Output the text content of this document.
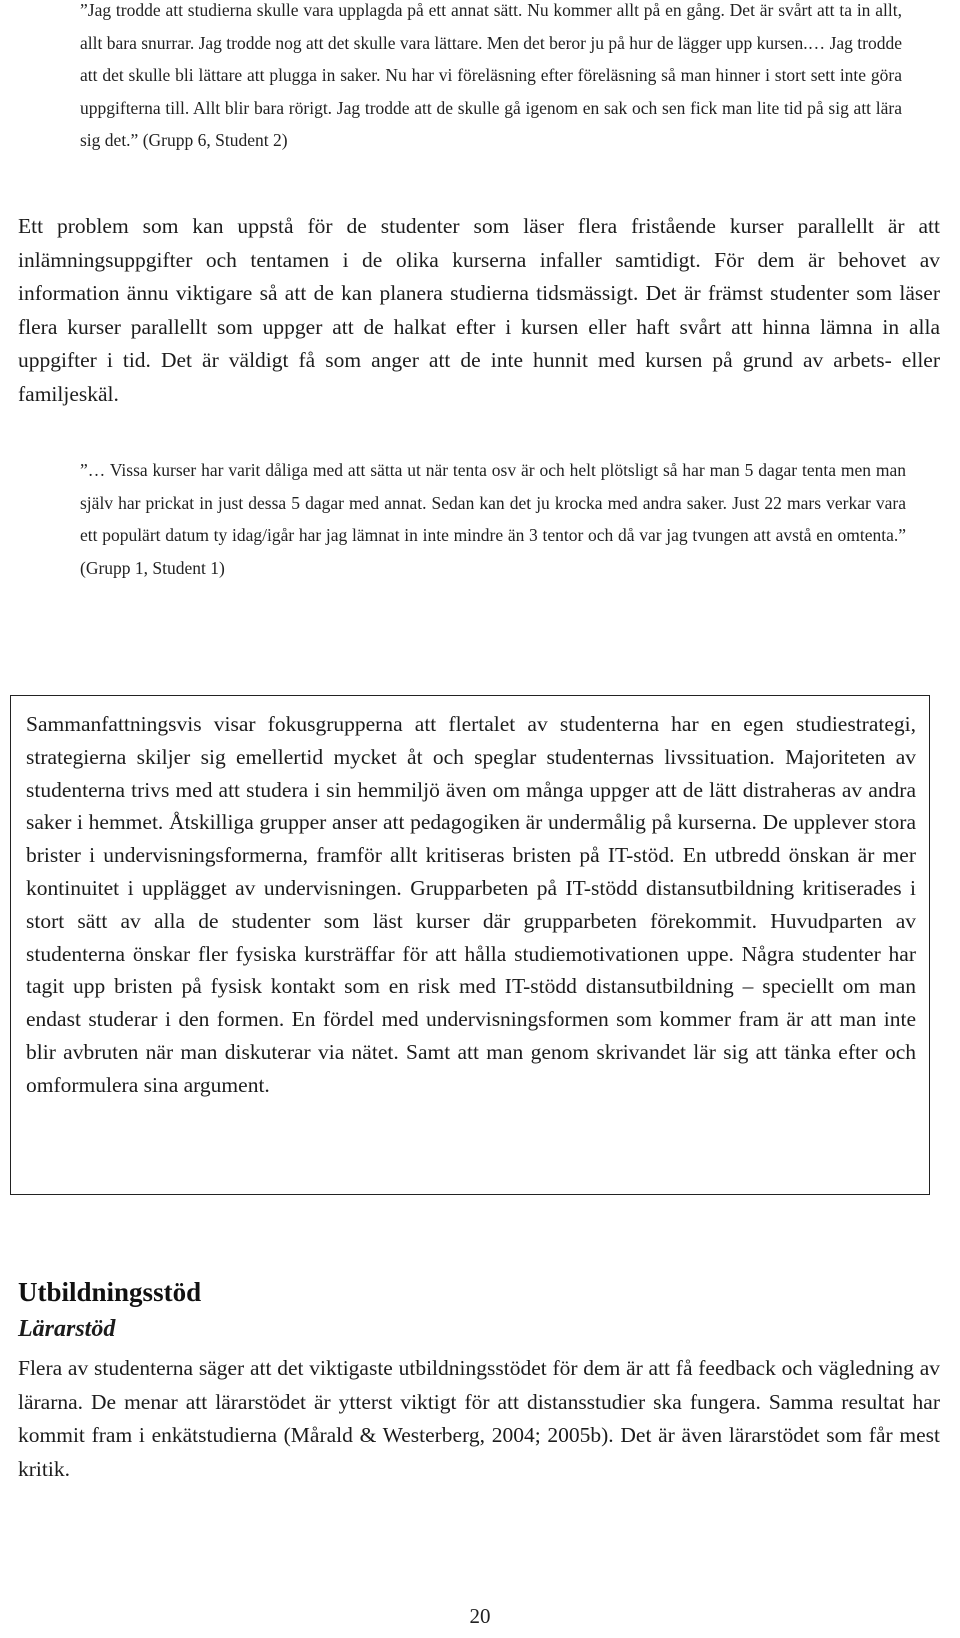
”Jag trodde att studierna skulle vara upplagda på ett annat sätt. Nu kommer allt på en gång. Det är svårt att ta in allt, allt bara snurrar. Jag trodde nog att det skulle vara lättare. Men det beror ju på hur de lägger upp kursen.… Jag trodde att det skulle bli lättare att plugga in saker. Nu har vi föreläsning efter föreläsning så man hinner i stort sett inte göra uppgifterna till. Allt blir bara rörigt. Jag trodde att de skulle gå igenom en sak och sen fick man lite tid på sig att lära sig det.” (Grupp 6, Student 2)

Ett problem som kan uppstå för de studenter som läser flera fristående kurser parallellt är att inlämningsuppgifter och tentamen i de olika kurserna infaller samtidigt. För dem är behovet av information ännu viktigare så att de kan planera studierna tidsmässigt. Det är främst studenter som läser flera kurser parallellt som uppger att de halkat efter i kursen eller haft svårt att hinna lämna in alla uppgifter i tid. Det är väldigt få som anger att de inte hunnit med kursen på grund av arbets- eller familjeskäl.

”… Vissa kurser har varit dåliga med att sätta ut när tenta osv är och helt plötsligt så har man 5 dagar tenta men man själv har prickat in just dessa 5 dagar med annat. Sedan kan det ju krocka med andra saker. Just 22 mars verkar vara ett populärt datum ty idag/igår har jag lämnat in inte mindre än 3 tentor och då var jag tvungen att avstå en omtenta.” (Grupp 1, Student 1)

Sammanfattningsvis visar fokusgrupperna att flertalet av studenterna har en egen studiestrategi, strategierna skiljer sig emellertid mycket åt och speglar studenternas livssituation. Majoriteten av studenterna trivs med att studera i sin hemmiljö även om många uppger att de lätt distraheras av andra saker i hemmet. Åtskilliga grupper anser att pedagogiken är undermålig på kurserna. De upplever stora brister i undervisningsformerna, framför allt kritiseras bristen på IT-stöd. En utbredd önskan är mer kontinuitet i upplägget av undervisningen. Grupparbeten på IT-stödd distansutbildning kritiserades i stort sätt av alla de studenter som läst kurser där grupparbeten förekommit. Huvudparten av studenterna önskar fler fysiska kursträffar för att hålla studiemotivationen uppe. Några studenter har tagit upp bristen på fysisk kontakt som en risk med IT-stödd distansutbildning – speciellt om man endast studerar i den formen. En fördel med undervisningsformen som kommer fram är att man inte blir avbruten när man diskuterar via nätet. Samt att man genom skrivandet lär sig att tänka efter och omformulera sina argument.

Utbildningsstöd
Lärarstöd

Flera av studenterna säger att det viktigaste utbildningsstödet för dem är att få feedback och vägledning av lärarna. De menar att lärarstödet är ytterst viktigt för att distansstudier ska fungera. Samma resultat har kommit fram i enkätstudierna (Mårald & Westerberg, 2004; 2005b). Det är även lärarstödet som får mest kritik.

20
